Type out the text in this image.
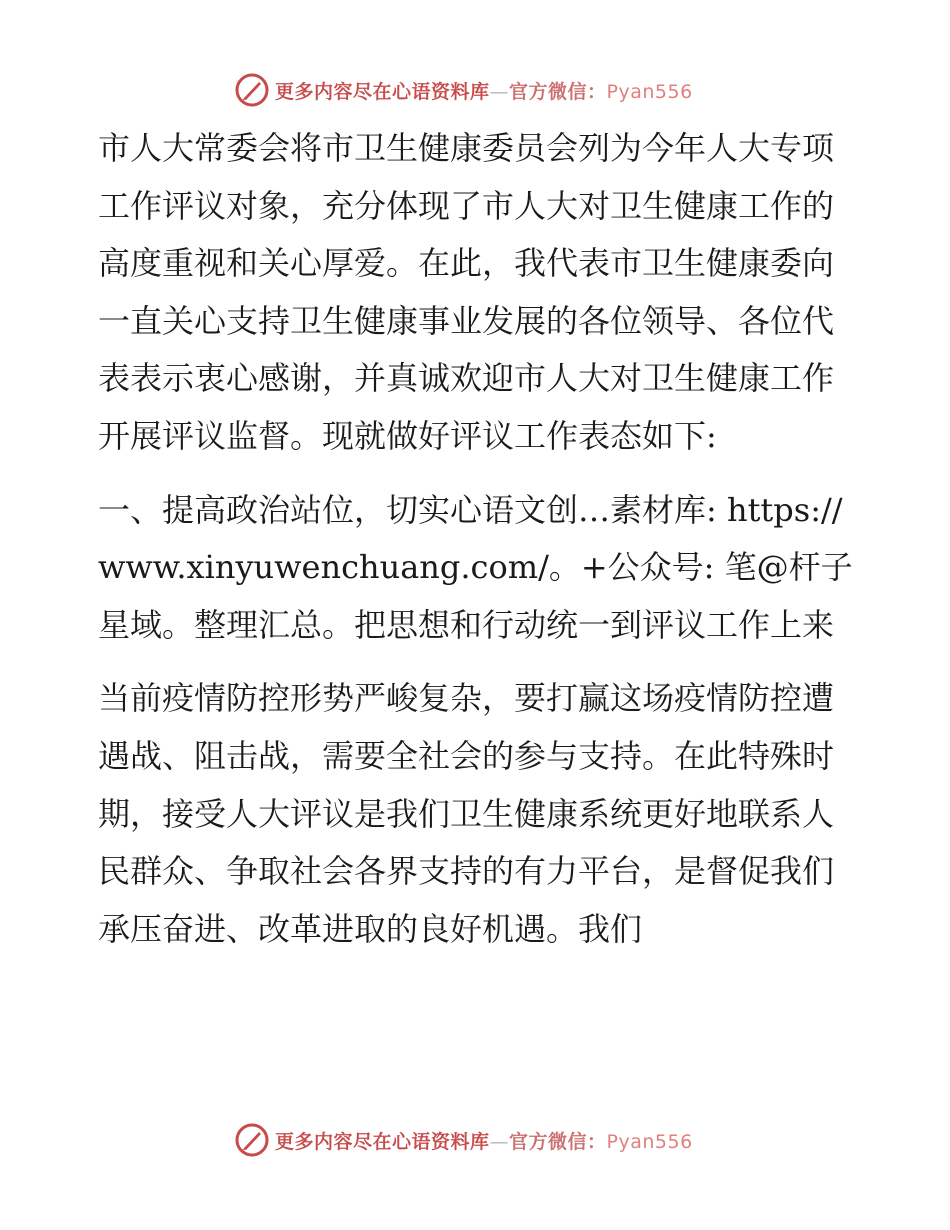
更多内容尽在心语资料库—官方微信：Pyan556

市人大常委会将市卫生健康委员会列为今年人大专项工作评议对象，充分体现了市人大对卫生健康工作的高度重视和关心厚爱。在此，我代表市卫生健康委向一直关心支持卫生健康事业发展的各位领导、各位代表表示衷心感谢，并真诚欢迎市人大对卫生健康工作开展评议监督。现就做好评议工作表态如下:

一、提高政治站位，切实心语文创…素材库: https://www.xinyuwenchuang.com/。+公众号: 笔@杆子星域。整理汇总。把思想和行动统一到评议工作上来

当前疫情防控形势严峻复杂，要打赢这场疫情防控遭遇战、阻击战，需要全社会的参与支持。在此特殊时期，接受人大评议是我们卫生健康系统更好地联系人民群众、争取社会各界支持的有力平台，是督促我们承压奋进、改革进取的良好机遇。我们

更多内容尽在心语资料库—官方微信：Pyan556
